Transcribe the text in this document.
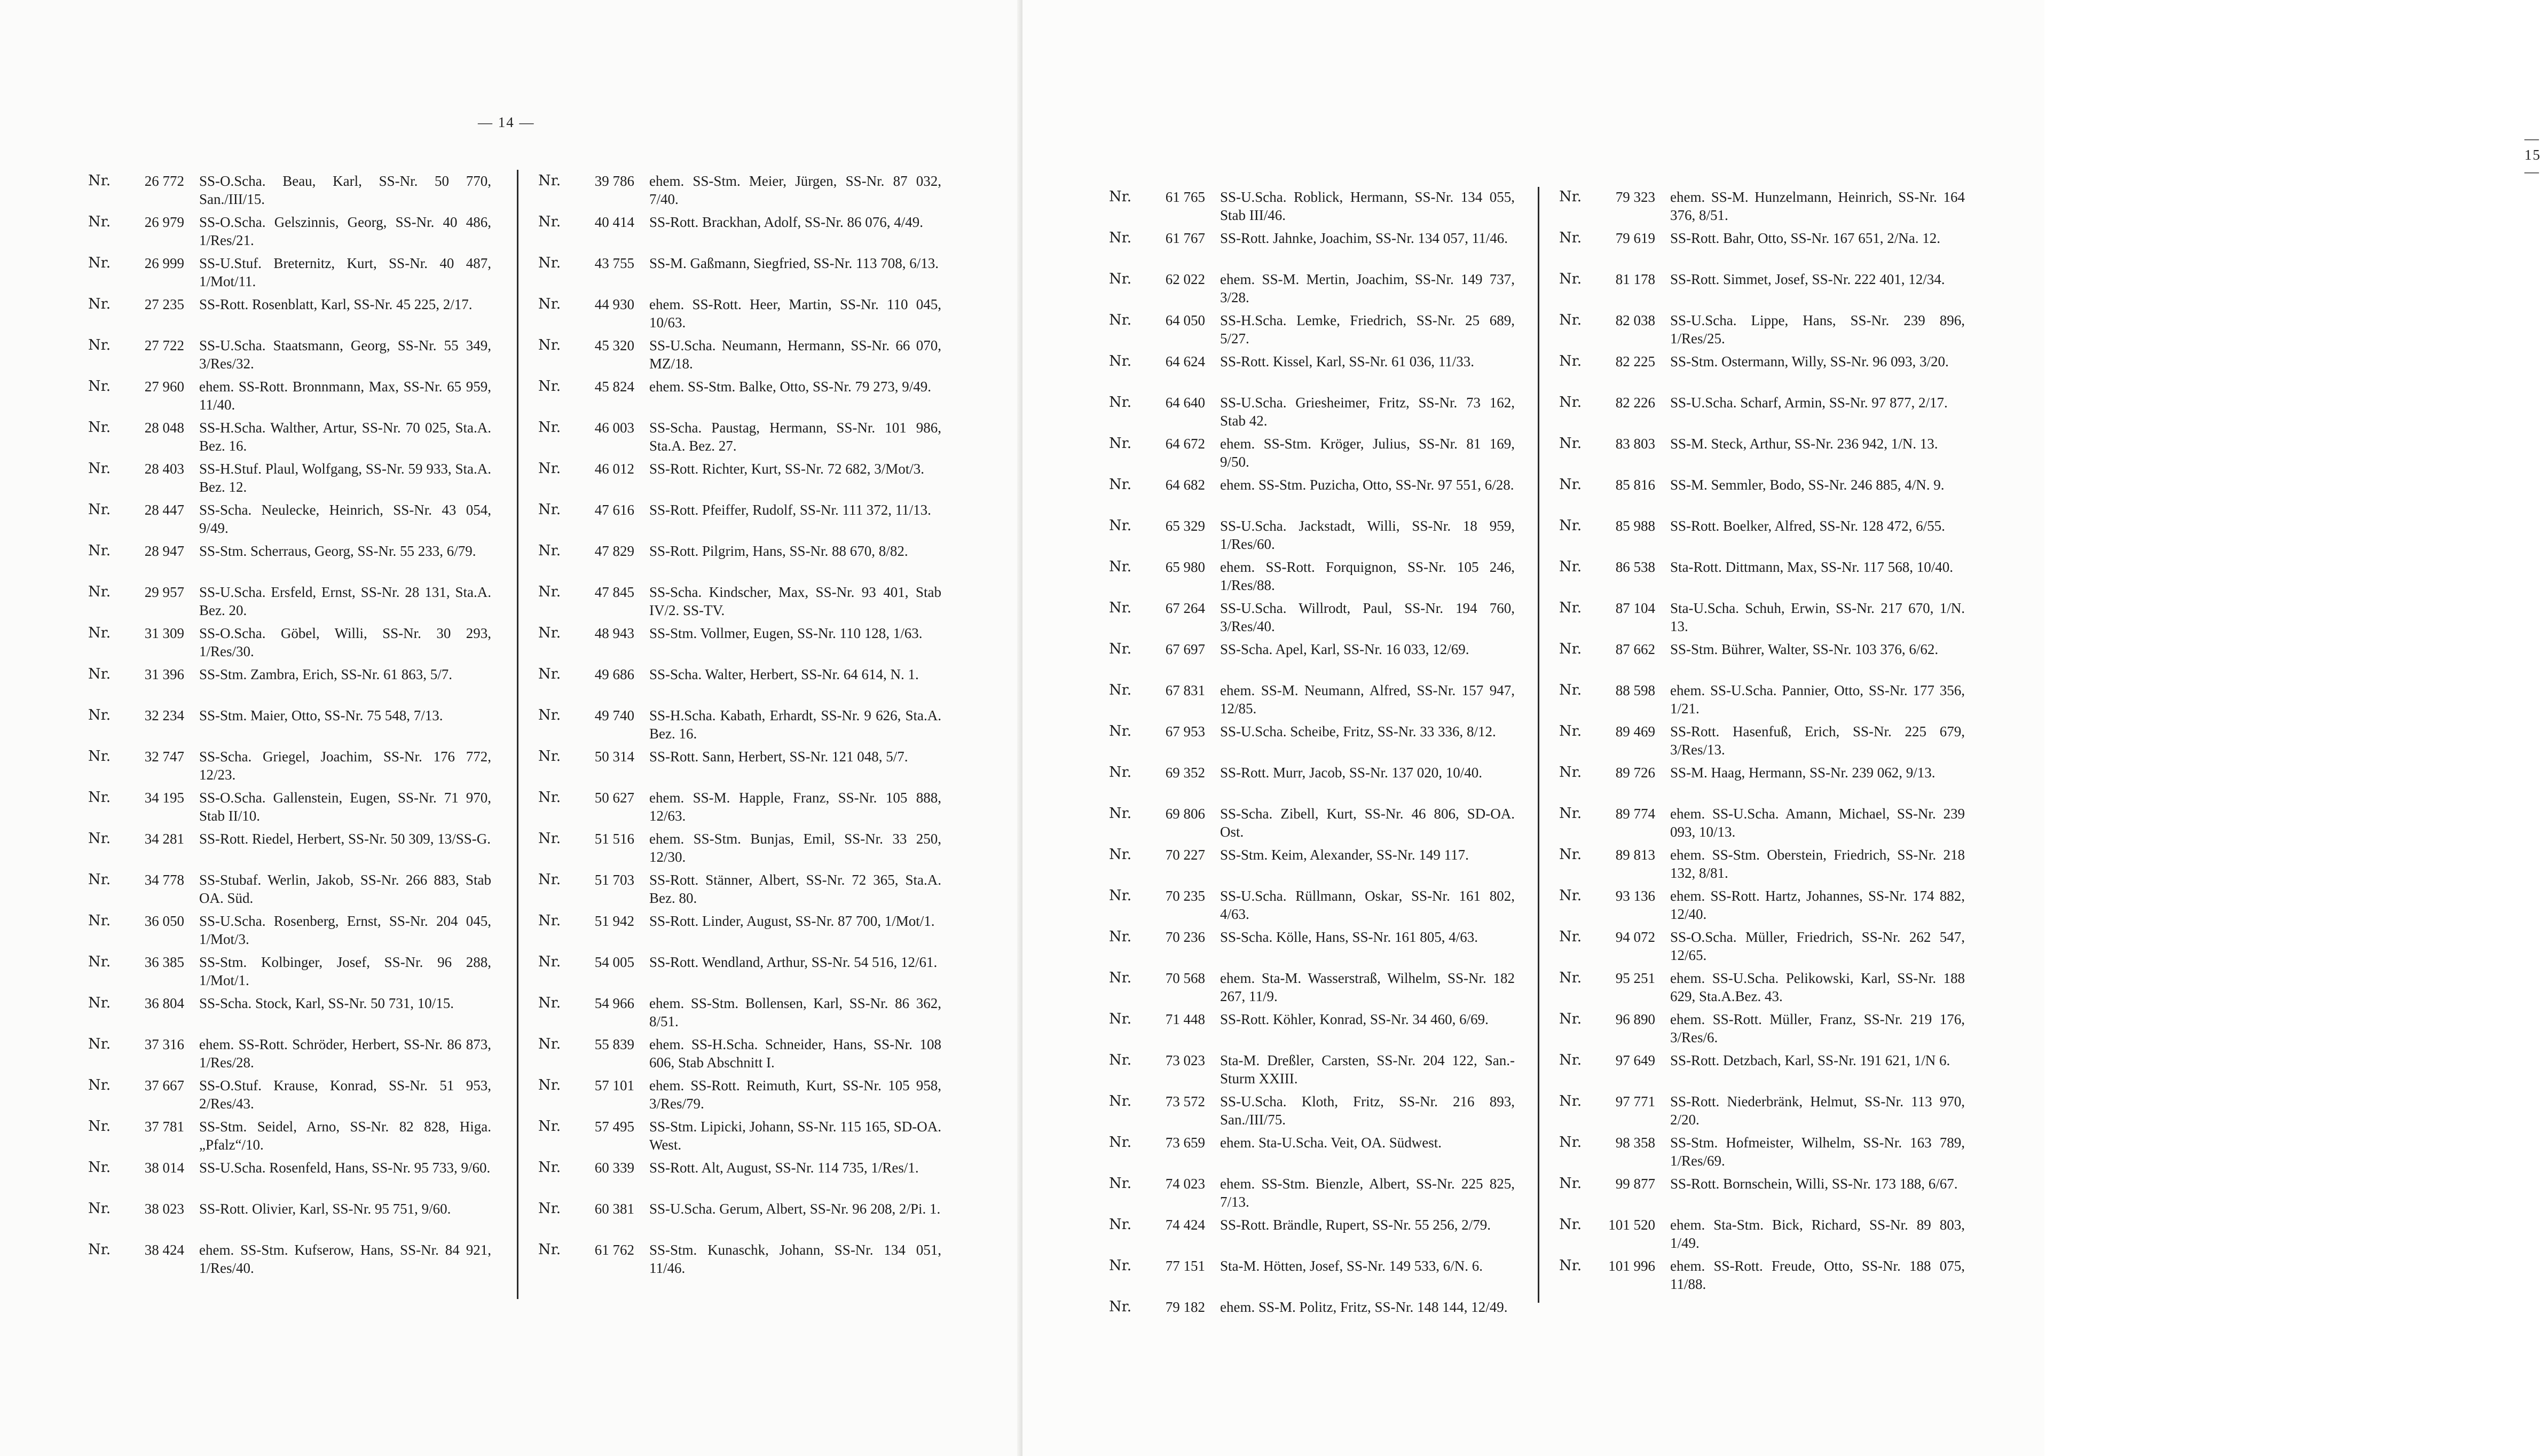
— 14 —
— 15 —
Nr.	26 772 SS-O.Scha. Beau, Karl, SS-Nr. 50 770, San./III/15.
Nr.	26 979 SS-O.Scha. Gelszinnis, Georg, SS-Nr. 40 486, 1/Res/21.
Nr.	26 999 SS-U.Stuf. Breternitz, Kurt, SS-Nr. 40 487, 1/Mot/11.
Nr.	27 235 SS-Rott. Rosenblatt, Karl, SS-Nr. 45 225, 2/17.
Nr.	27 722 SS-U.Scha. Staatsmann, Georg, SS-Nr. 55 349, 3/Res/32.
Nr.	27 960 ehem. SS-Rott. Bronnmann, Max, SS-Nr. 65 959, 11/40.
Nr.	28 048 SS-H.Scha. Walther, Artur, SS-Nr. 70 025, Sta.A. Bez. 16.
Nr.	28 403 SS-H.Stuf. Plaul, Wolfgang, SS-Nr. 59 933, Sta.A. Bez. 12.
Nr.	28 447 SS-Scha. Neulecke, Heinrich, SS-Nr. 43 054, 9/49.
Nr.	28 947 SS-Stm. Scherraus, Georg, SS-Nr. 55 233, 6/79.
Nr.	29 957 SS-U.Scha. Ersfeld, Ernst, SS-Nr. 28 131, Sta.A. Bez. 20.
Nr.	31 309 SS-O.Scha. Göbel, Willi, SS-Nr. 30 293, 1/Res/30.
Nr.	31 396 SS-Stm. Zambra, Erich, SS-Nr. 61 863, 5/7.
Nr.	32 234 SS-Stm. Maier, Otto, SS-Nr. 75 548, 7/13.
Nr.	32 747 SS-Scha. Griegel, Joachim, SS-Nr. 176 772, 12/23.
Nr.	34 195 SS-O.Scha. Gallenstein, Eugen, SS-Nr. 71 970, Stab II/10.
Nr.	34 281 SS-Rott. Riedel, Herbert, SS-Nr. 50 309, 13/SS-G.
Nr.	34 778 SS-Stubaf. Werlin, Jakob, SS-Nr. 266 883, Stab OA. Süd.
Nr.	36 050 SS-U.Scha. Rosenberg, Ernst, SS-Nr. 204 045, 1/Mot/3.
Nr.	36 385 SS-Stm. Kolbinger, Josef, SS-Nr. 96 288, 1/Mot/1.
Nr.	36 804 SS-Scha. Stock, Karl, SS-Nr. 50 731, 10/15.
Nr.	37 316 ehem. SS-Rott. Schröder, Herbert, SS-Nr. 86 873, 1/Res/28.
Nr.	37 667 SS-O.Stuf. Krause, Konrad, SS-Nr. 51 953, 2/Res/43.
Nr.	37 781 SS-Stm. Seidel, Arno, SS-Nr. 82 828, Higa. „Pfalz“/10.
Nr.	38 014 SS-U.Scha. Rosenfeld, Hans, SS-Nr. 95 733, 9/60.
Nr.	38 023 SS-Rott. Olivier, Karl, SS-Nr. 95 751, 9/60.
Nr.	38 424 ehem. SS-Stm. Kufserow, Hans, SS-Nr. 84 921, 1/Res/40.
Nr.	39 786 ehem. SS-Stm. Meier, Jürgen, SS-Nr. 87 032, 7/40.
Nr.	40 414 SS-Rott. Brackhan, Adolf, SS-Nr. 86 076, 4/49.
Nr.	43 755 SS-M. Gaßmann, Siegfried, SS-Nr. 113 708, 6/13.
Nr.	44 930 ehem. SS-Rott. Heer, Martin, SS-Nr. 110 045, 10/63.
Nr.	45 320 SS-U.Scha. Neumann, Hermann, SS-Nr. 66 070, MZ/18.
Nr.	45 824 ehem. SS-Stm. Balke, Otto, SS-Nr. 79 273, 9/49.
Nr.	46 003 SS-Scha. Paustag, Hermann, SS-Nr. 101 986, Sta.A. Bez. 27.
Nr.	46 012 SS-Rott. Richter, Kurt, SS-Nr. 72 682, 3/Mot/3.
Nr.	47 616 SS-Rott. Pfeiffer, Rudolf, SS-Nr. 111 372, 11/13.
Nr.	47 829 SS-Rott. Pilgrim, Hans, SS-Nr. 88 670, 8/82.
Nr.	47 845 SS-Scha. Kindscher, Max, SS-Nr. 93 401, Stab IV/2. SS-TV.
Nr.	48 943 SS-Stm. Vollmer, Eugen, SS-Nr. 110 128, 1/63.
Nr.	49 686 SS-Scha. Walter, Herbert, SS-Nr. 64 614, N. 1.
Nr.	49 740 SS-H.Scha. Kabath, Erhardt, SS-Nr. 9 626, Sta.A. Bez. 16.
Nr.	50 314 SS-Rott. Sann, Herbert, SS-Nr. 121 048, 5/7.
Nr.	50 627 ehem. SS-M. Happle, Franz, SS-Nr. 105 888, 12/63.
Nr.	51 516 ehem. SS-Stm. Bunjas, Emil, SS-Nr. 33 250, 12/30.
Nr.	51 703 SS-Rott. Stänner, Albert, SS-Nr. 72 365, Sta.A. Bez. 80.
Nr.	51 942 SS-Rott. Linder, August, SS-Nr. 87 700, 1/Mot/1.
Nr.	54 005 SS-Rott. Wendland, Arthur, SS-Nr. 54 516, 12/61.
Nr.	54 966 ehem. SS-Stm. Bollensen, Karl, SS-Nr. 86 362, 8/51.
Nr.	55 839 ehem. SS-H.Scha. Schneider, Hans, SS-Nr. 108 606, Stab Abschnitt I.
Nr.	57 101 ehem. SS-Rott. Reimuth, Kurt, SS-Nr. 105 958, 3/Res/79.
Nr.	57 495 SS-Stm. Lipicki, Johann, SS-Nr. 115 165, SD-OA. West.
Nr.	60 339 SS-Rott. Alt, August, SS-Nr. 114 735, 1/Res/1.
Nr.	60 381 SS-U.Scha. Gerum, Albert, SS-Nr. 96 208, 2/Pi. 1.
Nr.	61 762 SS-Stm. Kunaschk, Johann, SS-Nr. 134 051, 11/46.
Nr.	61 765 SS-U.Scha. Roblick, Hermann, SS-Nr. 134 055, Stab III/46.
Nr.	61 767 SS-Rott. Jahnke, Joachim, SS-Nr. 134 057, 11/46.
Nr.	62 022 ehem. SS-M. Mertin, Joachim, SS-Nr. 149 737, 3/28.
Nr.	64 050 SS-H.Scha. Lemke, Friedrich, SS-Nr. 25 689, 5/27.
Nr.	64 624 SS-Rott. Kissel, Karl, SS-Nr. 61 036, 11/33.
Nr.	64 640 SS-U.Scha. Griesheimer, Fritz, SS-Nr. 73 162, Stab 42.
Nr.	64 672 ehem. SS-Stm. Kröger, Julius, SS-Nr. 81 169, 9/50.
Nr.	64 682 ehem. SS-Stm. Puzicha, Otto, SS-Nr. 97 551, 6/28.
Nr.	65 329 SS-U.Scha. Jackstadt, Willi, SS-Nr. 18 959, 1/Res/60.
Nr.	65 980 ehem. SS-Rott. Forquignon, SS-Nr. 105 246, 1/Res/88.
Nr.	67 264 SS-U.Scha. Willrodt, Paul, SS-Nr. 194 760, 3/Res/40.
Nr.	67 697 SS-Scha. Apel, Karl, SS-Nr. 16 033, 12/69.
Nr.	67 831 ehem. SS-M. Neumann, Alfred, SS-Nr. 157 947, 12/85.
Nr.	67 953 SS-U.Scha. Scheibe, Fritz, SS-Nr. 33 336, 8/12.
Nr.	69 352 SS-Rott. Murr, Jacob, SS-Nr. 137 020, 10/40.
Nr.	69 806 SS-Scha. Zibell, Kurt, SS-Nr. 46 806, SD-OA. Ost.
Nr.	70 227 SS-Stm. Keim, Alexander, SS-Nr. 149 117.
Nr.	70 235 SS-U.Scha. Rüllmann, Oskar, SS-Nr. 161 802, 4/63.
Nr.	70 236 SS-Scha. Kölle, Hans, SS-Nr. 161 805, 4/63.
Nr.	70 568 ehem. Sta-M. Wasserstraß, Wilhelm, SS-Nr. 182 267, 11/9.
Nr.	71 448 SS-Rott. Köhler, Konrad, SS-Nr. 34 460, 6/69.
Nr.	73 023 Sta-M. Dreßler, Carsten, SS-Nr. 204 122, San.-Sturm XXIII.
Nr.	73 572 SS-U.Scha. Kloth, Fritz, SS-Nr. 216 893, San./III/75.
Nr.	73 659 ehem. Sta-U.Scha. Veit, OA. Südwest.
Nr.	74 023 ehem. SS-Stm. Bienzle, Albert, SS-Nr. 225 825, 7/13.
Nr.	74 424 SS-Rott. Brändle, Rupert, SS-Nr. 55 256, 2/79.
Nr.	77 151 Sta-M. Hötten, Josef, SS-Nr. 149 533, 6/N. 6.
Nr.	79 182 ehem. SS-M. Politz, Fritz, SS-Nr. 148 144, 12/49.
Nr.	79 323 ehem. SS-M. Hunzelmann, Heinrich, SS-Nr. 164 376, 8/51.
Nr.	79 619 SS-Rott. Bahr, Otto, SS-Nr. 167 651, 2/Na. 12.
Nr.	81 178 SS-Rott. Simmet, Josef, SS-Nr. 222 401, 12/34.
Nr.	82 038 SS-U.Scha. Lippe, Hans, SS-Nr. 239 896, 1/Res/25.
Nr.	82 225 SS-Stm. Ostermann, Willy, SS-Nr. 96 093, 3/20.
Nr.	82 226 SS-U.Scha. Scharf, Armin, SS-Nr. 97 877, 2/17.
Nr.	83 803 SS-M. Steck, Arthur, SS-Nr. 236 942, 1/N. 13.
Nr.	85 816 SS-M. Semmler, Bodo, SS-Nr. 246 885, 4/N. 9.
Nr.	85 988 SS-Rott. Boelker, Alfred, SS-Nr. 128 472, 6/55.
Nr.	86 538 Sta-Rott. Dittmann, Max, SS-Nr. 117 568, 10/40.
Nr.	87 104 Sta-U.Scha. Schuh, Erwin, SS-Nr. 217 670, 1/N. 13.
Nr.	87 662 SS-Stm. Bührer, Walter, SS-Nr. 103 376, 6/62.
Nr.	88 598 ehem. SS-U.Scha. Pannier, Otto, SS-Nr. 177 356, 1/21.
Nr.	89 469 SS-Rott. Hasenfuß, Erich, SS-Nr. 225 679, 3/Res/13.
Nr.	89 726 SS-M. Haag, Hermann, SS-Nr. 239 062, 9/13.
Nr.	89 774 ehem. SS-U.Scha. Amann, Michael, SS-Nr. 239 093, 10/13.
Nr.	89 813 ehem. SS-Stm. Oberstein, Friedrich, SS-Nr. 218 132, 8/81.
Nr.	93 136 ehem. SS-Rott. Hartz, Johannes, SS-Nr. 174 882, 12/40.
Nr.	94 072 SS-O.Scha. Müller, Friedrich, SS-Nr. 262 547, 12/65.
Nr.	95 251 ehem. SS-U.Scha. Pelikowski, Karl, SS-Nr. 188 629, Sta.A.Bez. 43.
Nr.	96 890 ehem. SS-Rott. Müller, Franz, SS-Nr. 219 176, 3/Res/6.
Nr.	97 649 SS-Rott. Detzbach, Karl, SS-Nr. 191 621, 1/N 6.
Nr.	97 771 SS-Rott. Niederbränk, Helmut, SS-Nr. 113 970, 2/20.
Nr.	98 358 SS-Stm. Hofmeister, Wilhelm, SS-Nr. 163 789, 1/Res/69.
Nr.	99 877 SS-Rott. Bornschein, Willi, SS-Nr. 173 188, 6/67.
Nr.	101 520 ehem. Sta-Stm. Bick, Richard, SS-Nr. 89 803, 1/49.
Nr.	101 996 ehem. SS-Rott. Freude, Otto, SS-Nr. 188 075, 11/88.
